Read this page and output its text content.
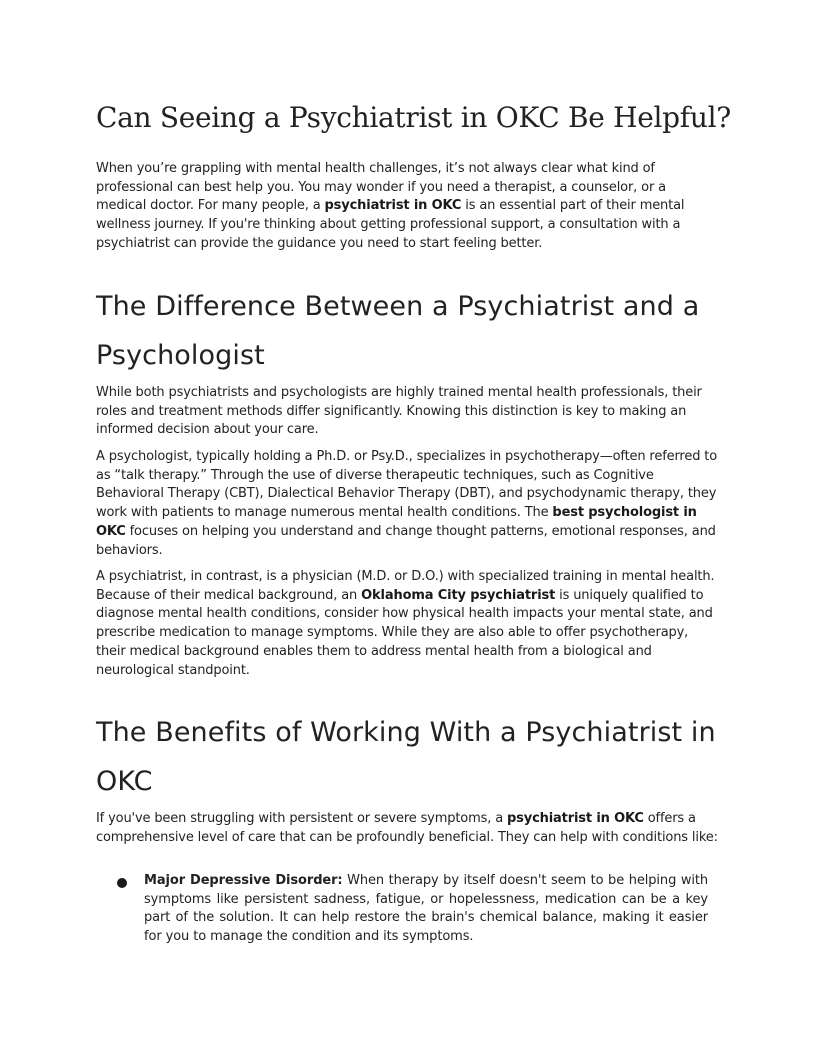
Can Seeing a Psychiatrist in OKC Be Helpful?

When you’re grappling with mental health challenges, it’s not always clear what kind of professional can best help you. You may wonder if you need a therapist, a counselor, or a medical doctor. For many people, a psychiatrist in OKC is an essential part of their mental wellness journey. If you're thinking about getting professional support, a consultation with a psychiatrist can provide the guidance you need to start feeling better.

The Difference Between a Psychiatrist and a Psychologist

While both psychiatrists and psychologists are highly trained mental health professionals, their roles and treatment methods differ significantly. Knowing this distinction is key to making an informed decision about your care.

A psychologist, typically holding a Ph.D. or Psy.D., specializes in psychotherapy—often referred to as “talk therapy.” Through the use of diverse therapeutic techniques, such as Cognitive Behavioral Therapy (CBT), Dialectical Behavior Therapy (DBT), and psychodynamic therapy, they work with patients to manage numerous mental health conditions. The best psychologist in OKC focuses on helping you understand and change thought patterns, emotional responses, and behaviors.

A psychiatrist, in contrast, is a physician (M.D. or D.O.) with specialized training in mental health. Because of their medical background, an Oklahoma City psychiatrist is uniquely qualified to diagnose mental health conditions, consider how physical health impacts your mental state, and prescribe medication to manage symptoms. While they are also able to offer psychotherapy, their medical background enables them to address mental health from a biological and neurological standpoint.

The Benefits of Working With a Psychiatrist in OKC

If you've been struggling with persistent or severe symptoms, a psychiatrist in OKC offers a comprehensive level of care that can be profoundly beneficial. They can help with conditions like:

Major Depressive Disorder: When therapy by itself doesn't seem to be helping with     symptoms like persistent sadness, fatigue, or hopelessness, medication can be a key          part of the solution. It can help restore the brain's chemical balance, making it easier        for you to manage the condition and its symptoms.
